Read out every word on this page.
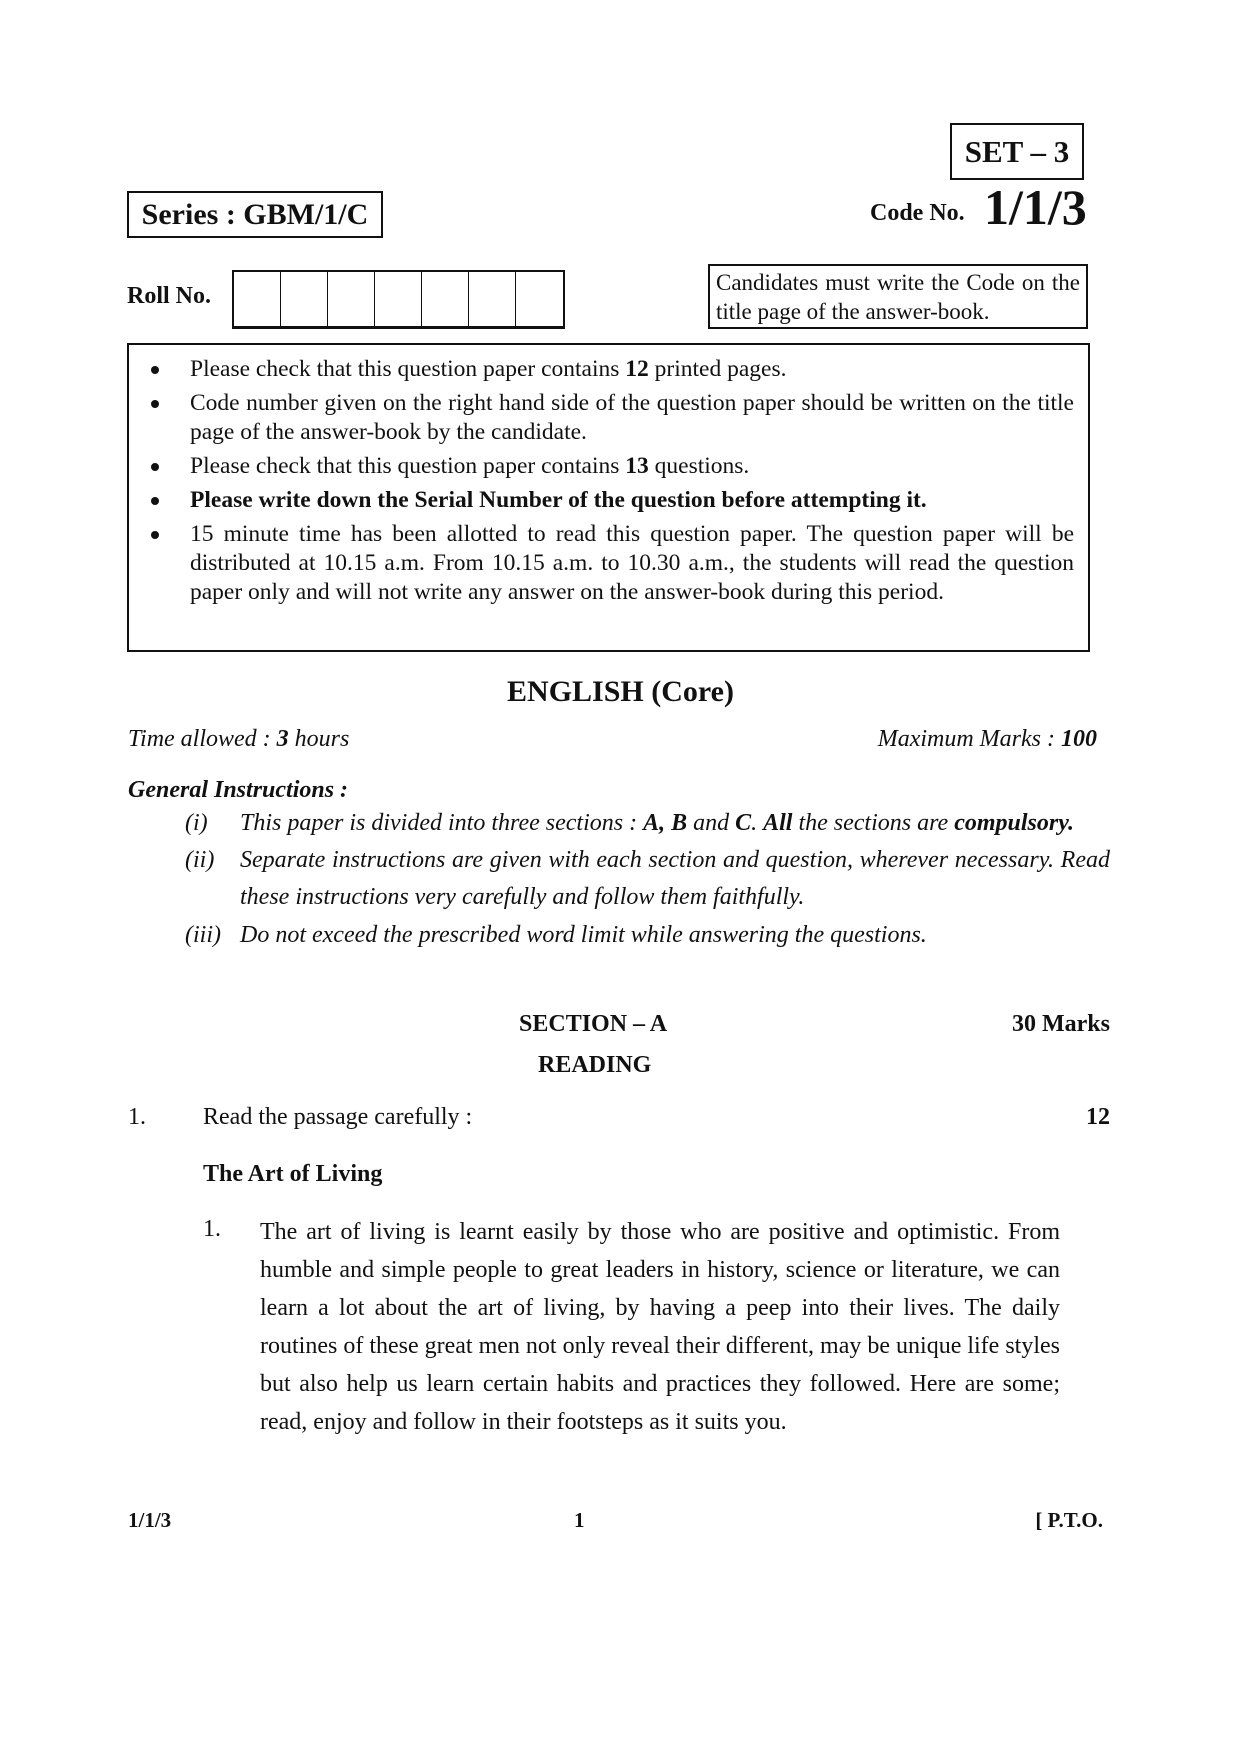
SET – 3
Series : GBM/1/C	Code No. 1/1/3
Roll No.
Candidates must write the Code on the title page of the answer-book.
Please check that this question paper contains 12 printed pages.
Code number given on the right hand side of the question paper should be written on the title page of the answer-book by the candidate.
Please check that this question paper contains 13 questions.
Please write down the Serial Number of the question before attempting it.
15 minute time has been allotted to read this question paper. The question paper will be distributed at 10.15 a.m. From 10.15 a.m. to 10.30 a.m., the students will read the question paper only and will not write any answer on the answer-book during this period.
ENGLISH (Core)
Time allowed : 3 hours	Maximum Marks : 100
General Instructions :
(i) This paper is divided into three sections : A, B and C. All the sections are compulsory.
(ii) Separate instructions are given with each section and question, wherever necessary. Read these instructions very carefully and follow them faithfully.
(iii) Do not exceed the prescribed word limit while answering the questions.
SECTION – A	30 Marks
READING
1. Read the passage carefully :	12
The Art of Living
1. The art of living is learnt easily by those who are positive and optimistic. From humble and simple people to great leaders in history, science or literature, we can learn a lot about the art of living, by having a peep into their lives. The daily routines of these great men not only reveal their different, may be unique life styles but also help us learn certain habits and practices they followed. Here are some; read, enjoy and follow in their footsteps as it suits you.
1/1/3	1	[ P.T.O.
